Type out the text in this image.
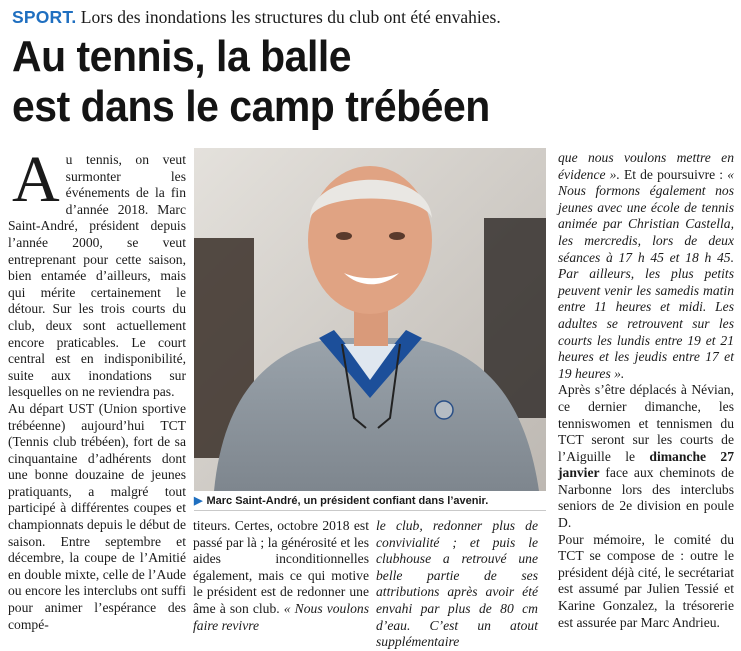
SPORT. Lors des inondations les structures du club ont été envahies.
Au tennis, la balle
est dans le camp trébéen

Au tennis, on veut surmonter les événements de la fin d’année 2018. Marc Saint-André, président depuis l’année 2000, se veut entreprenant pour cette saison, bien entamée d’ailleurs, mais qui mérite certainement le détour. Sur les trois courts du club, deux sont actuellement encore praticables. Le court central est en indisponibilité, suite aux inondations sur lesquelles on ne reviendra pas.

Au départ UST (Union sportive trébéenne) aujourd’hui TCT (Tennis club trébéen), fort de sa cinquantaine d’adhérents dont une bonne douzaine de jeunes pratiquants, a malgré tout participé à différentes coupes et championnats depuis le début de saison. Entre septembre et décembre, la coupe de l’Amitié en double mixte, celle de l’Aude ou encore les interclubs ont suffi pour animer l’espérance des compé-

▶ Marc Saint-André, un président confiant dans l’avenir.

titeurs. Certes, octobre 2018 est passé par là ; la générosité et les aides inconditionnelles également, mais ce qui motive le président est de redonner une âme à son club. « Nous voulons faire revivre

le club, redonner plus de convivialité ; et puis le clubhouse a retrouvé une belle partie de ses attributions après avoir été envahi par plus de 80 cm d’eau. C’est un atout supplémentaire

que nous voulons mettre en évidence ». Et de poursuivre : « Nous formons également nos jeunes avec une école de tennis animée par Christian Castella, les mercredis, lors de deux séances à 17 h 45 et 18 h 45. Par ailleurs, les plus petits peuvent venir les samedis matin entre 11 heures et midi. Les adultes se retrouvent sur les courts les lundis entre 19 et 21 heures et les jeudis entre 17 et 19 heures ».

Après s’être déplacés à Névian, ce dernier dimanche, les tenniswomen et tennismen du TCT seront sur les courts de l’Aiguille le dimanche 27 janvier face aux cheminots de Narbonne lors des interclubs seniors de 2e division en poule D.

Pour mémoire, le comité du TCT se compose de : outre le président déjà cité, le secrétariat est assumé par Julien Tessié et Karine Gonzalez, la trésorerie est assurée par Marc Andrieu.
